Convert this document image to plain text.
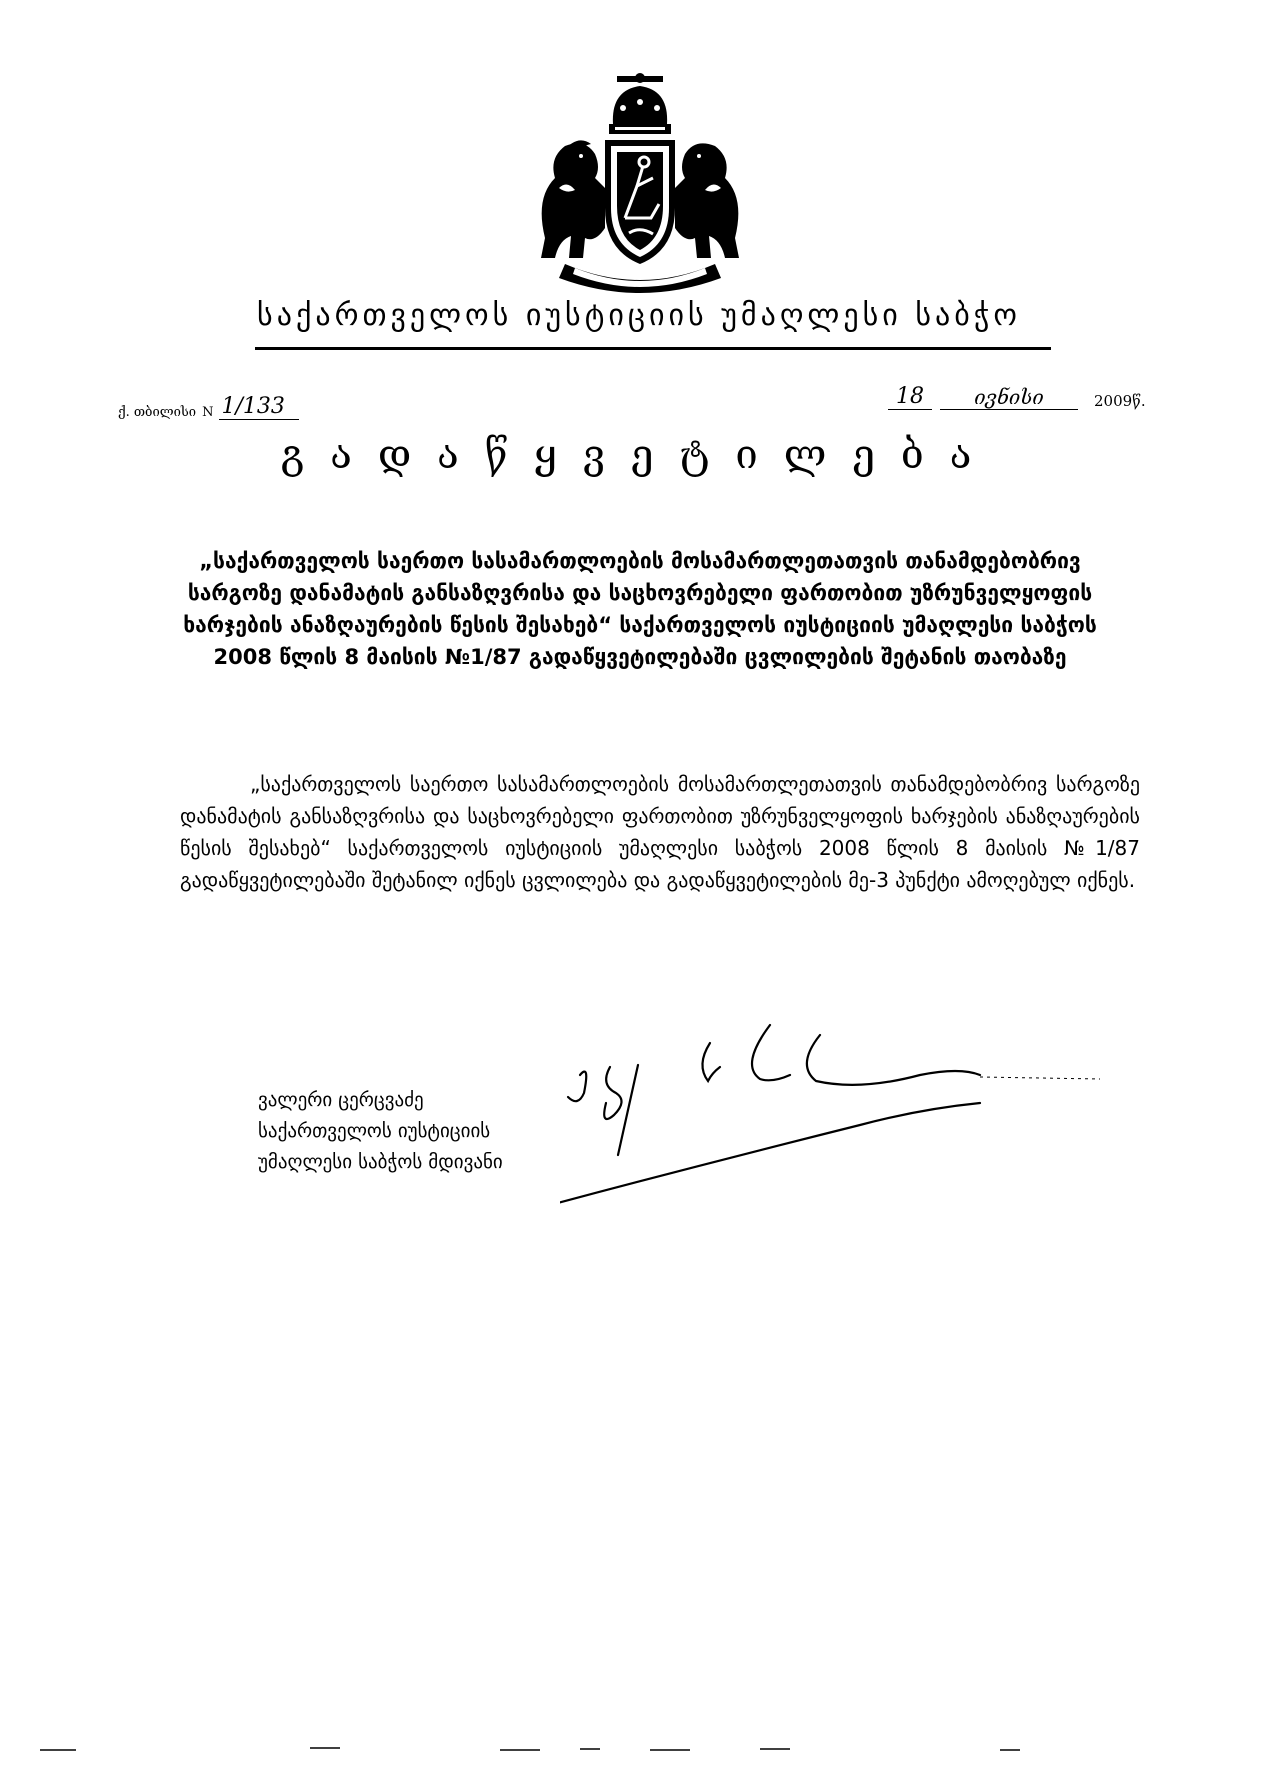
საქართველოს იუსტიციის უმაღლესი საბჭო
ქ. თბილისი N 1/133	18	ივნისი	2009წ.
გადაწყვეტილება
„საქართველოს საერთო სასამართლოების მოსამართლეთათვის თანამდებობრივ სარგოზე დანამატის განსაზღვრისა და საცხოვრებელი ფართობით უზრუნველყოფის ხარჯების ანაზღაურების წესის შესახებ“ საქართველოს იუსტიციის უმაღლესი საბჭოს 2008 წლის 8 მაისის №1/87 გადაწყვეტილებაში ცვლილების შეტანის თაობაზე
„საქართველოს საერთო სასამართლოების მოსამართლეთათვის თანამდებობრივ სარგოზე დანამატის განსაზღვრისა და საცხოვრებელი ფართობით უზრუნველყოფის ხარჯების ანაზღაურების წესის შესახებ“ საქართველოს იუსტიციის უმაღლესი საბჭოს 2008 წლის 8 მაისის №1/87 გადაწყვეტილებაში შეტანილ იქნეს ცვლილება და გადაწყვეტილების მე-3 პუნქტი ამოღებულ იქნეს.
ვალერი ცერცვაძე
საქართველოს იუსტიციის
უმაღლესი საბჭოს მდივანი
